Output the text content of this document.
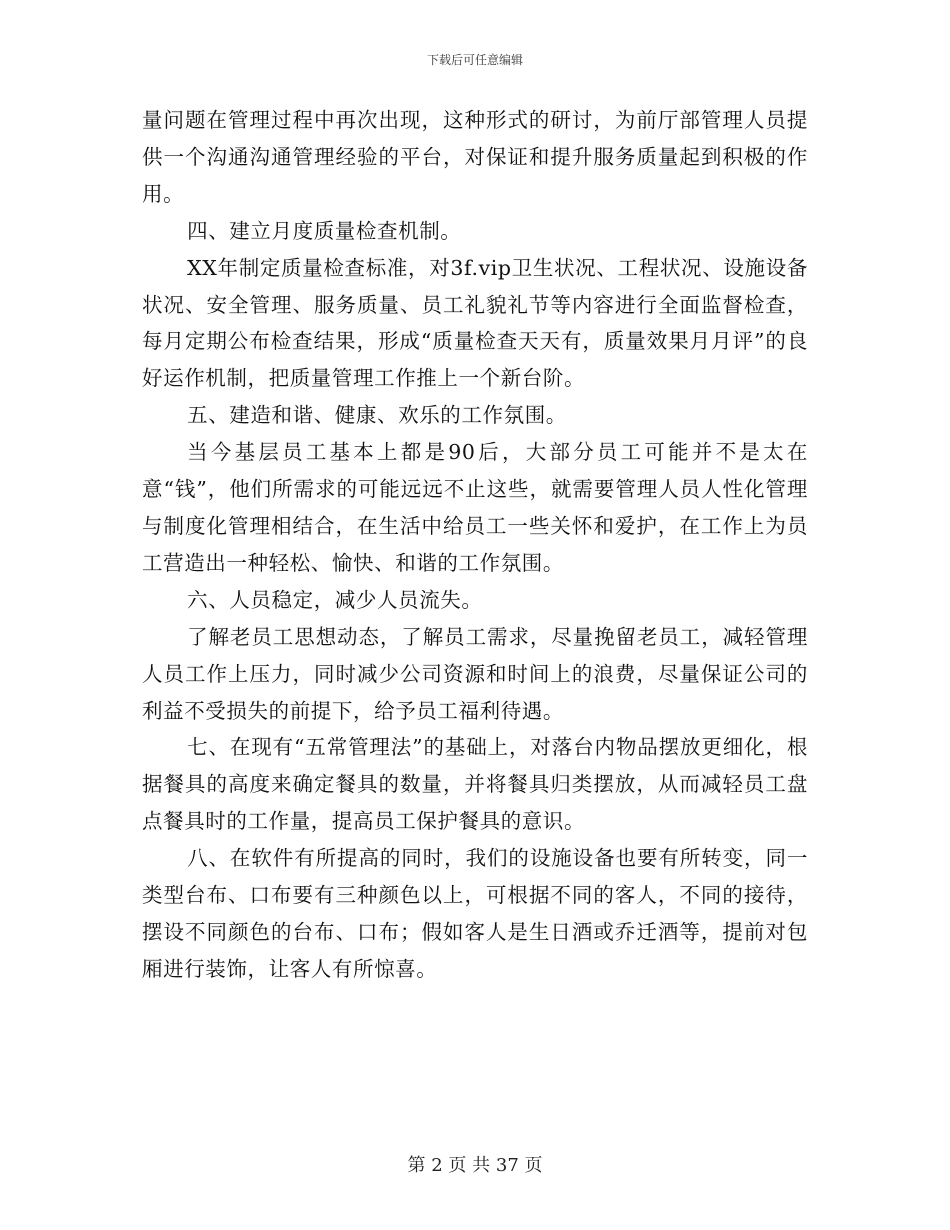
下载后可任意编辑

量问题在管理过程中再次出现，这种形式的研讨，为前厅部管理人员提供一个沟通沟通管理经验的平台，对保证和提升服务质量起到积极的作用。

四、建立月度质量检查机制。

XX年制定质量检查标准，对3f.vip卫生状况、工程状况、设施设备状况、安全管理、服务质量、员工礼貌礼节等内容进行全面监督检查，每月定期公布检查结果，形成“质量检查天天有，质量效果月月评”的良好运作机制，把质量管理工作推上一个新台阶。

五、建造和谐、健康、欢乐的工作氛围。

当今基层员工基本上都是90后，大部分员工可能并不是太在意“钱”，他们所需求的可能远远不止这些，就需要管理人员人性化管理与制度化管理相结合，在生活中给员工一些关怀和爱护，在工作上为员工营造出一种轻松、愉快、和谐的工作氛围。

六、人员稳定，减少人员流失。

了解老员工思想动态，了解员工需求，尽量挽留老员工，减轻管理人员工作上压力，同时减少公司资源和时间上的浪费，尽量保证公司的利益不受损失的前提下，给予员工福利待遇。

七、在现有“五常管理法”的基础上，对落台内物品摆放更细化，根据餐具的高度来确定餐具的数量，并将餐具归类摆放，从而减轻员工盘点餐具时的工作量，提高员工保护餐具的意识。

八、在软件有所提高的同时，我们的设施设备也要有所转变，同一类型台布、口布要有三种颜色以上，可根据不同的客人，不同的接待，摆设不同颜色的台布、口布；假如客人是生日酒或乔迁酒等，提前对包厢进行装饰，让客人有所惊喜。

第 2 页 共 37 页
